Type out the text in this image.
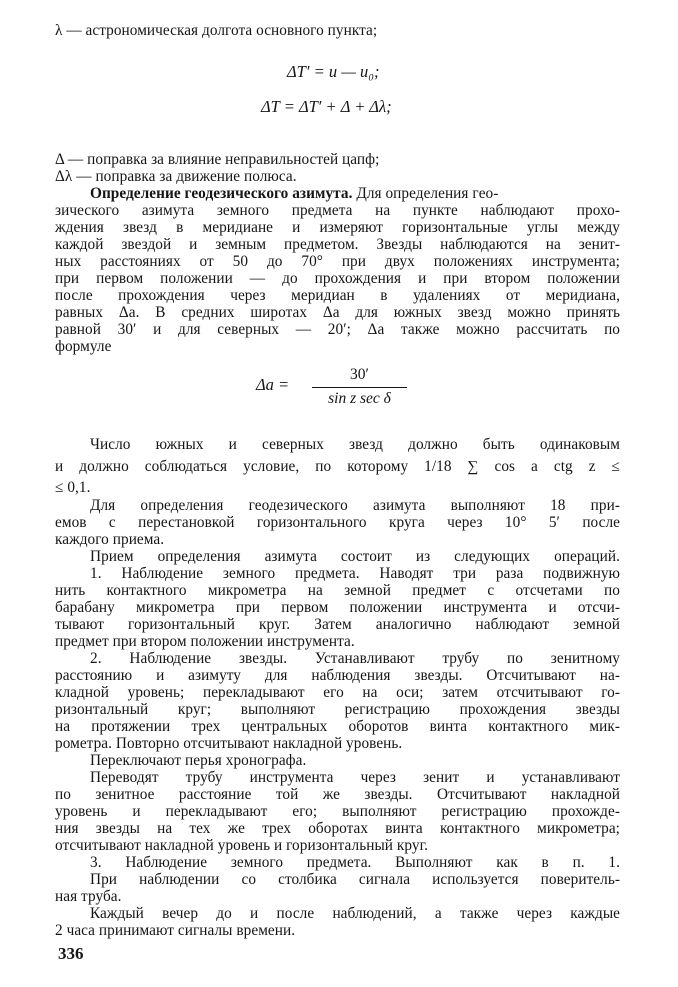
λ — астрономическая долгота основного пункта;
ΔT′ = u — u₀;
ΔT = ΔT′ + Δ + Δλ;
Δ — поправка за влияние неправильностей цапф;
Δλ — поправка за движение полюса.
Определение геодезического азимута. Для определения гeo-
зического азимута земного предмета на пункте наблюдают прохо-
ждения звезд в меридиане и измеряют горизонтальные углы между
каждой звездой и земным предметом. Звезды наблюдаются на зенит-
ных расстояниях от 50 до 70° при двух положениях инструмента;
при первом положении — до прохождения и при втором положении
после прохождения через меридиан в удалениях от меридиана,
равных Δa. В средних широтах Δa для южных звезд можно принять
равной 30′ и для северных — 20′; Δa также можно рассчитать по
формуле
Δa =
30′
sin z sec δ
Число южных и северных звезд должно быть одинаковым
и должно соблюдаться условие, по которому 1/18 ∑ cos a ctg z ≤
≤ 0,1.
Для определения геодезического азимута выполняют 18 при-
емов с перестановкой горизонтального круга через 10° 5′ после
каждого приема.
Прием определения азимута состоит из следующих операций.
1. Наблюдение земного предмета. Наводят три раза подвижную
нить контактного микрометра на земной предмет с отсчетами по
барабану микрометра при первом положении инструмента и отсчи-
тывают горизонтальный круг. Затем аналогично наблюдают земной
предмет при втором положении инструмента.
2. Наблюдение звезды. Устанавливают трубу по зенитному
расстоянию и азимуту для наблюдения звезды. Отсчитывают на-
кладной уровень; перекладывают его на оси; затем отсчитывают го-
ризонтальный круг; выполняют регистрацию прохождения звезды
на протяжении трех центральных оборотов винта контактного мик-
рометра. Повторно отсчитывают накладной уровень.
Переключают перья хронографа.
Переводят трубу инструмента через зенит и устанавливают
по зенитное расстояние той же звезды. Отсчитывают накладной
уровень и перекладывают его; выполняют регистрацию прохожде-
ния звезды на тех же трех оборотах винта контактного микрометра;
отсчитывают накладной уровень и горизонтальный круг.
3. Наблюдение земного предмета. Выполняют как в п. 1.
При наблюдении со столбика сигнала используется поверитель-
ная труба.
Каждый вечер до и после наблюдений, а также через каждые
2 часа принимают сигналы времени.
336
